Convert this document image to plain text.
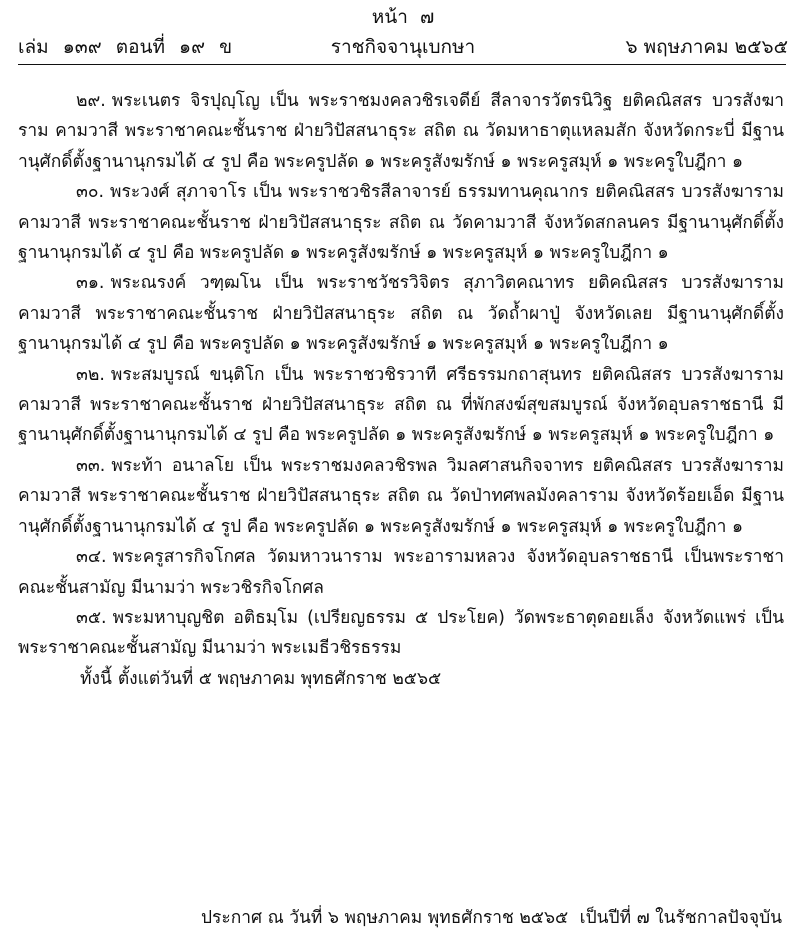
หน้า ๗
เล่ม ๑๓๙ ตอนที่ ๑๙ ข	ราชกิจจานุเบกษา	๖ พฤษภาคม ๒๕๖๕

๒๙. พระเนตร จิรปุญฺโญ เป็น พระราชมงคลวชิรเจดีย์ สีลาจารวัตรนิวิฐ ยติคณิสสร บวรสังฆาราม คามวาสี พระราชาคณะชั้นราช ฝ่ายวิปัสสนาธุระ สถิต ณ วัดมหาธาตุแหลมสัก จังหวัดกระบี่ มีฐานานุศักดิ์ตั้งฐานานุกรมได้ ๔ รูป คือ พระครูปลัด ๑ พระครูสังฆรักษ์ ๑ พระครูสมุห์ ๑ พระครูใบฎีกา ๑

๓๐. พระวงศ์ สุภาจาโร เป็น พระราชวชิรสีลาจารย์ ธรรมทานคุณากร ยติคณิสสร บวรสังฆาราม คามวาสี พระราชาคณะชั้นราช ฝ่ายวิปัสสนาธุระ สถิต ณ วัดคามวาสี จังหวัดสกลนคร มีฐานานุศักดิ์ตั้งฐานานุกรมได้ ๔ รูป คือ พระครูปลัด ๑ พระครูสังฆรักษ์ ๑ พระครูสมุห์ ๑ พระครูใบฎีกา ๑

๓๑. พระณรงค์ วฑฺฒโน เป็น พระราชวัชรวิจิตร สุภาวิตคณาทร ยติคณิสสร บวรสังฆาราม คามวาสี พระราชาคณะชั้นราช ฝ่ายวิปัสสนาธุระ สถิต ณ วัดถ้ำผาปู่ จังหวัดเลย มีฐานานุศักดิ์ตั้งฐานานุกรมได้ ๔ รูป คือ พระครูปลัด ๑ พระครูสังฆรักษ์ ๑ พระครูสมุห์ ๑ พระครูใบฎีกา ๑

๓๒. พระสมบูรณ์ ขนฺติโก เป็น พระราชวชิรวาที ศรีธรรมกถาสุนทร ยติคณิสสร บวรสังฆาราม คามวาสี พระราชาคณะชั้นราช ฝ่ายวิปัสสนาธุระ สถิต ณ ที่พักสงฆ์สุขสมบูรณ์ จังหวัดอุบลราชธานี มีฐานานุศักดิ์ตั้งฐานานุกรมได้ ๔ รูป คือ พระครูปลัด ๑ พระครูสังฆรักษ์ ๑ พระครูสมุห์ ๑ พระครูใบฎีกา ๑

๓๓. พระท้า อนาลโย เป็น พระราชมงคลวชิรพล วิมลศาสนกิจจาทร ยติคณิสสร บวรสังฆาราม คามวาสี พระราชาคณะชั้นราช ฝ่ายวิปัสสนาธุระ สถิต ณ วัดป่าทศพลมังคลาราม จังหวัดร้อยเอ็ด มีฐานานุศักดิ์ตั้งฐานานุกรมได้ ๔ รูป คือ พระครูปลัด ๑ พระครูสังฆรักษ์ ๑ พระครูสมุห์ ๑ พระครูใบฎีกา ๑

๓๔. พระครูสารกิจโกศล วัดมหาวนาราม พระอารามหลวง จังหวัดอุบลราชธานี เป็นพระราชาคณะชั้นสามัญ มีนามว่า พระวชิรกิจโกศล

๓๕. พระมหาบุญชิต อติธมฺโม (เปรียญธรรม ๕ ประโยค) วัดพระธาตุดอยเล็ง จังหวัดแพร่ เป็นพระราชาคณะชั้นสามัญ มีนามว่า พระเมธีวชิรธรรม

ทั้งนี้ ตั้งแต่วันที่ ๕ พฤษภาคม พุทธศักราช ๒๕๖๕

ประกาศ ณ วันที่ ๖ พฤษภาคม พุทธศักราช ๒๕๖๕ เป็นปีที่ ๗ ในรัชกาลปัจจุบัน
